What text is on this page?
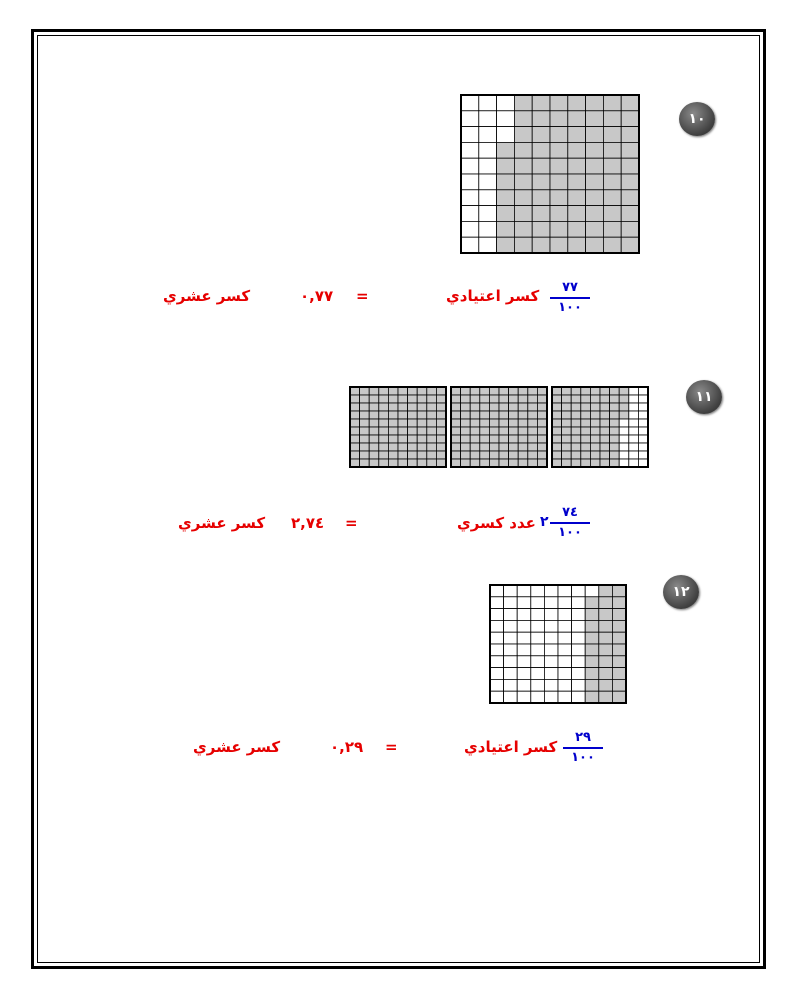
١٠
٧٧
١٠٠
كسر اعتيادي
=
٠,٧٧
كسر عشري
١١
٧٤
١٠٠
٢
عدد كسري
=
٢,٧٤
كسر عشري
١٢
٢٩
١٠٠
كسر اعتيادي
=
٠,٢٩
كسر عشري
